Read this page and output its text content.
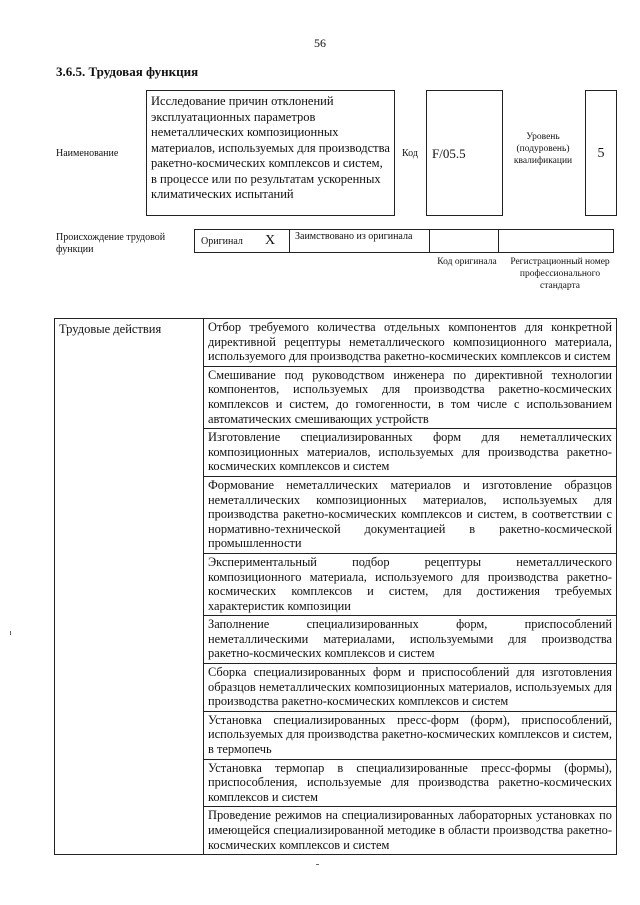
56
3.6.5. Трудовая функция
Наименование
Исследование причин отклонений эксплуатационных параметров неметаллических композиционных материалов, используемых для производства ракетно-космических комплексов и систем, в процессе или по результатам ускоренных климатических испытаний
Код F/05.5
Уровень (подуровень) квалификации	5
Происхождение трудовой функции
Оригинал X Заимствовано из оригинала
Код оригинала	Регистрационный номер профессионального стандарта
Трудовые действия	Отбор требуемого количества отдельных компонентов для конкретной директивной рецептуры неметаллического композиционного материала, используемого для производства ракетно-космических комплексов и систем
Смешивание под руководством инженера по директивной технологии компонентов, используемых для производства ракетно-космических комплексов и систем, до гомогенности, в том числе с использованием автоматических смешивающих устройств
Изготовление специализированных форм для неметаллических композиционных материалов, используемых для производства ракетно-космических комплексов и систем
Формование неметаллических материалов и изготовление образцов неметаллических композиционных материалов, используемых для производства ракетно-космических комплексов и систем, в соответствии с нормативно-технической документацией в ракетно-космической промышленности
Экспериментальный подбор рецептуры неметаллического композиционного материала, используемого для производства ракетно-космических комплексов и систем, для достижения требуемых характеристик композиции
Заполнение специализированных форм, приспособлений неметаллическими материалами, используемыми для производства ракетно-космических комплексов и систем
Сборка специализированных форм и приспособлений для изготовления образцов неметаллических композиционных материалов, используемых для производства ракетно-космических комплексов и систем
Установка специализированных пресс-форм (форм), приспособлений, используемых для производства ракетно-космических комплексов и систем, в термопечь
Установка термопар в специализированные пресс-формы (формы), приспособления, используемые для производства ракетно-космических комплексов и систем
Проведение режимов на специализированных лабораторных установках по имеющейся специализированной методике в области производства ракетно-космических комплексов и систем
